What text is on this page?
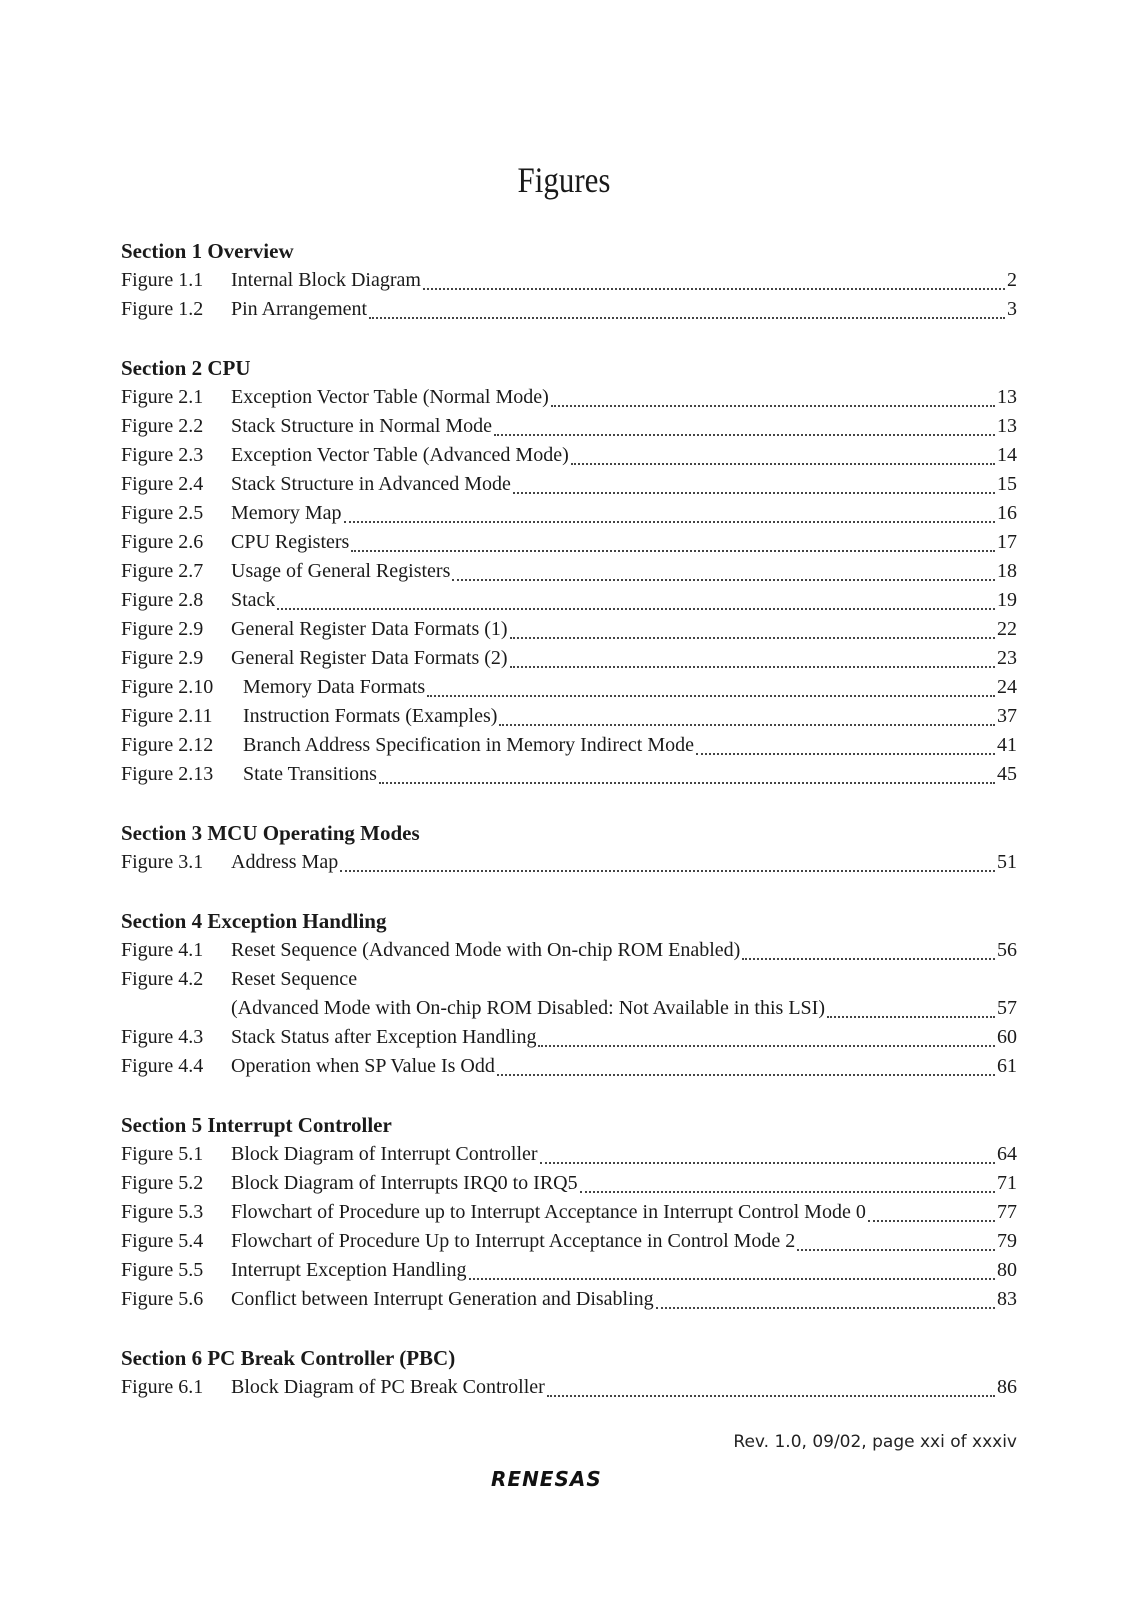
Figures
Section 1 Overview
Figure 1.1	Internal Block Diagram	2
Figure 1.2	Pin Arrangement	3
Section 2 CPU
Figure 2.1	Exception Vector Table (Normal Mode)	13
Figure 2.2	Stack Structure in Normal Mode	13
Figure 2.3	Exception Vector Table (Advanced Mode)	14
Figure 2.4	Stack Structure in Advanced Mode	15
Figure 2.5	Memory Map	16
Figure 2.6	CPU Registers	17
Figure 2.7	Usage of General Registers	18
Figure 2.8	Stack	19
Figure 2.9	General Register Data Formats (1)	22
Figure 2.9	General Register Data Formats (2)	23
Figure 2.10	Memory Data Formats	24
Figure 2.11	Instruction Formats (Examples)	37
Figure 2.12	Branch Address Specification in Memory Indirect Mode	41
Figure 2.13	State Transitions	45
Section 3 MCU Operating Modes
Figure 3.1	Address Map	51
Section 4 Exception Handling
Figure 4.1	Reset Sequence (Advanced Mode with On-chip ROM Enabled)	56
Figure 4.2	Reset Sequence
(Advanced Mode with On-chip ROM Disabled: Not Available in this LSI)	57
Figure 4.3	Stack Status after Exception Handling	60
Figure 4.4	Operation when SP Value Is Odd	61
Section 5 Interrupt Controller
Figure 5.1	Block Diagram of Interrupt Controller	64
Figure 5.2	Block Diagram of Interrupts IRQ0 to IRQ5	71
Figure 5.3	Flowchart of Procedure up to Interrupt Acceptance in Interrupt Control Mode 0	77
Figure 5.4	Flowchart of Procedure Up to Interrupt Acceptance in Control Mode 2	79
Figure 5.5	Interrupt Exception Handling	80
Figure 5.6	Conflict between Interrupt Generation and Disabling	83
Section 6 PC Break Controller (PBC)
Figure 6.1	Block Diagram of PC Break Controller	86
Rev. 1.0, 09/02, page xxi of xxxiv
RENESAS
